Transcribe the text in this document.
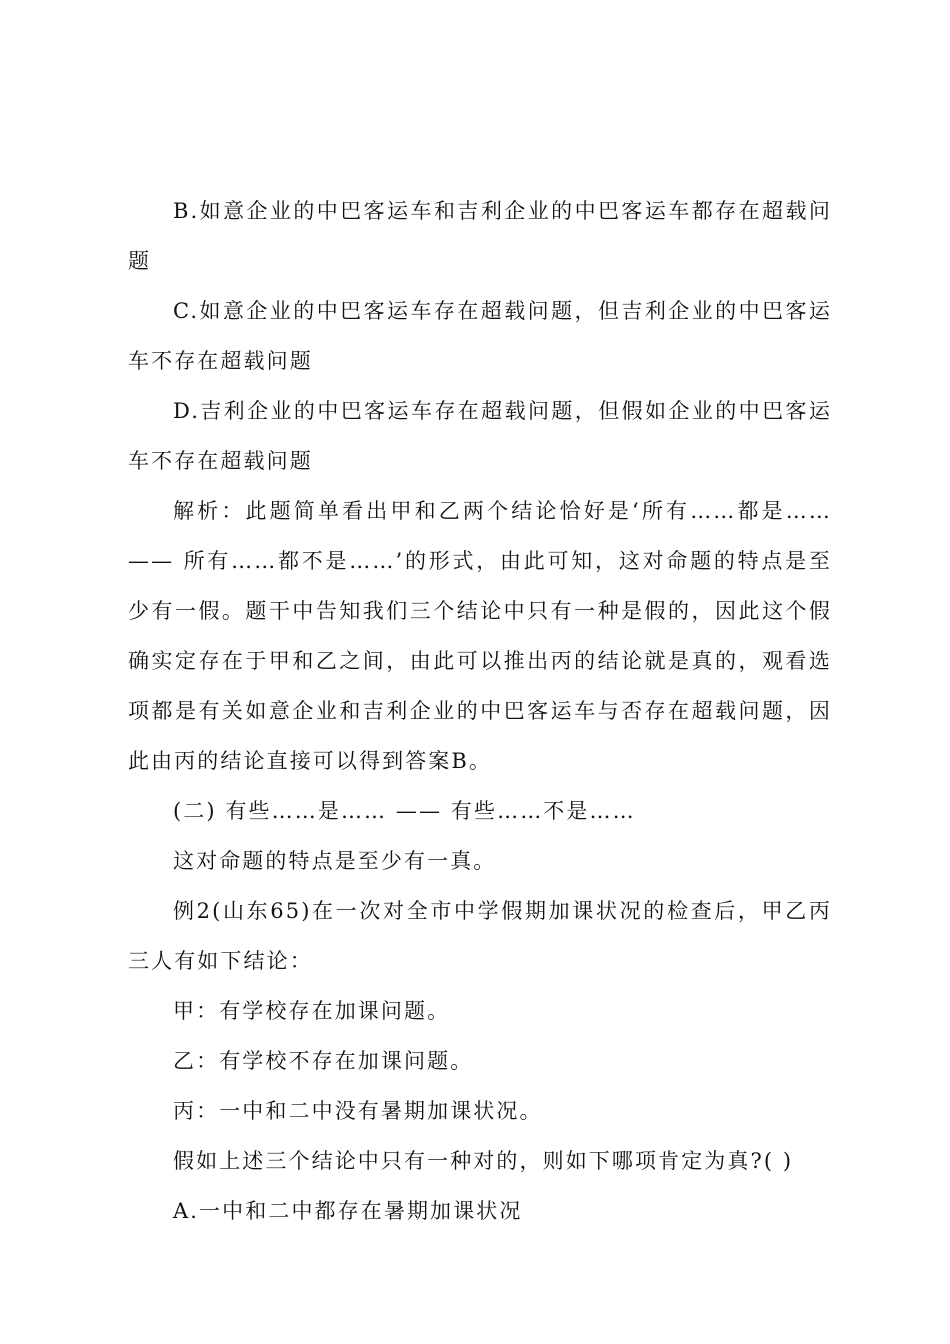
B.如意企业的中巴客运车和吉利企业的中巴客运车都存在超载问题

C.如意企业的中巴客运车存在超载问题，但吉利企业的中巴客运车不存在超载问题

D.吉利企业的中巴客运车存在超载问题，但假如企业的中巴客运车不存在超载问题

解析：此题简单看出甲和乙两个结论恰好是‘所有……都是…… —— 所有……都不是……’的形式，由此可知，这对命题的特点是至少有一假。题干中告知我们三个结论中只有一种是假的，因此这个假确实定存在于甲和乙之间，由此可以推出丙的结论就是真的，观看选项都是有关如意企业和吉利企业的中巴客运车与否存在超载问题，因此由丙的结论直接可以得到答案B。

(二) 有些……是…… —— 有些……不是……

这对命题的特点是至少有一真。

例2(山东65)在一次对全市中学假期加课状况的检查后，甲乙丙三人有如下结论：

甲：有学校存在加课问题。

乙：有学校不存在加课问题。

丙：一中和二中没有暑期加课状况。

假如上述三个结论中只有一种对的，则如下哪项肯定为真?( )

A.一中和二中都存在暑期加课状况
